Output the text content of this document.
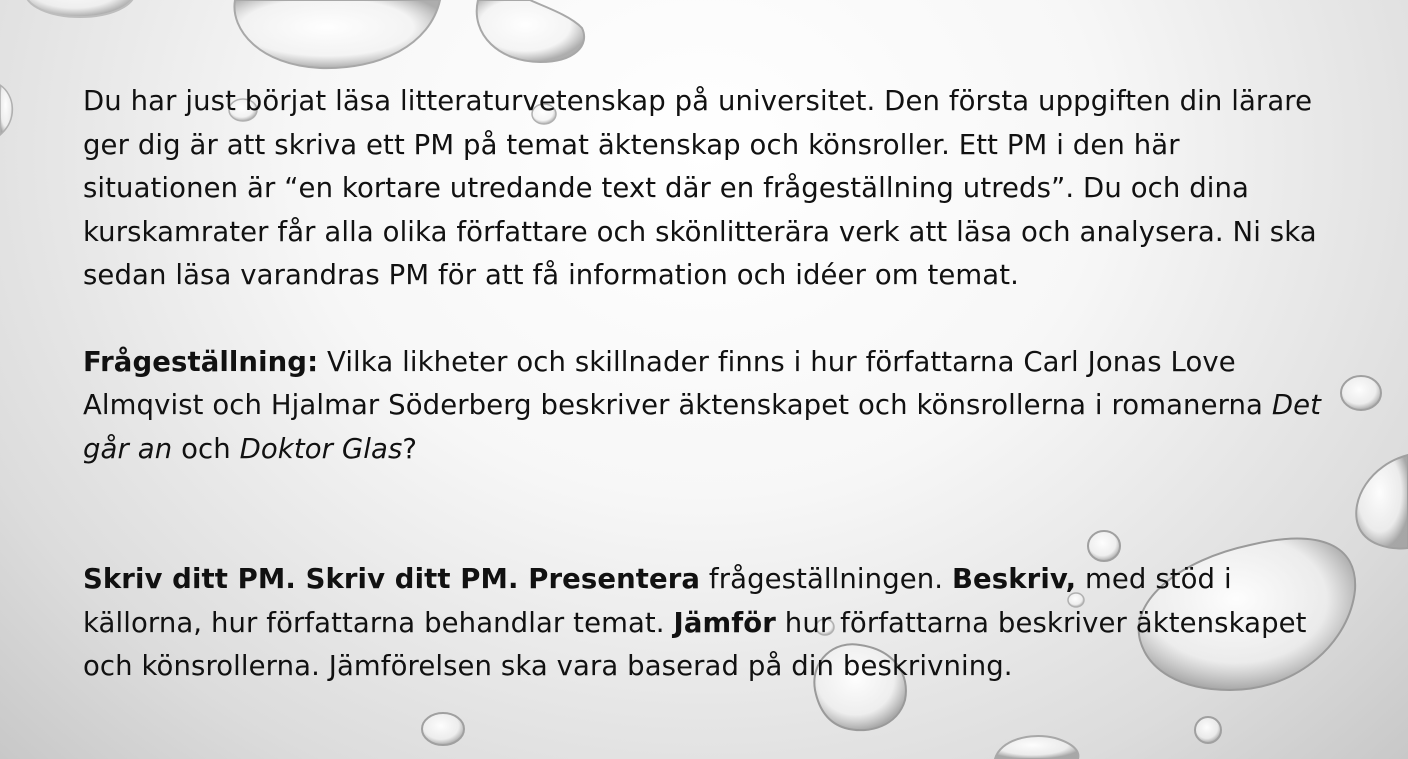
Du har just börjat läsa litteraturvetenskap på universitet. Den första uppgiften din lärare ger dig är att skriva ett PM på temat äktenskap och könsroller. Ett PM i den här situationen är “en kortare utredande text där en frågeställning utreds”. Du och dina kurskamrater får alla olika författare och skönlitterära verk att läsa och analysera. Ni ska sedan läsa varandras PM för att få information och idéer om temat.

Frågeställning: Vilka likheter och skillnader finns i hur författarna Carl Jonas Love Almqvist och Hjalmar Söderberg beskriver äktenskapet och könsrollerna i romanerna Det går an och Doktor Glas?

Skriv ditt PM. Skriv ditt PM. Presentera frågeställningen. Beskriv, med stöd i källorna, hur författarna behandlar temat. Jämför hur författarna beskriver äktenskapet och könsrollerna. Jämförelsen ska vara baserad på din beskrivning.
